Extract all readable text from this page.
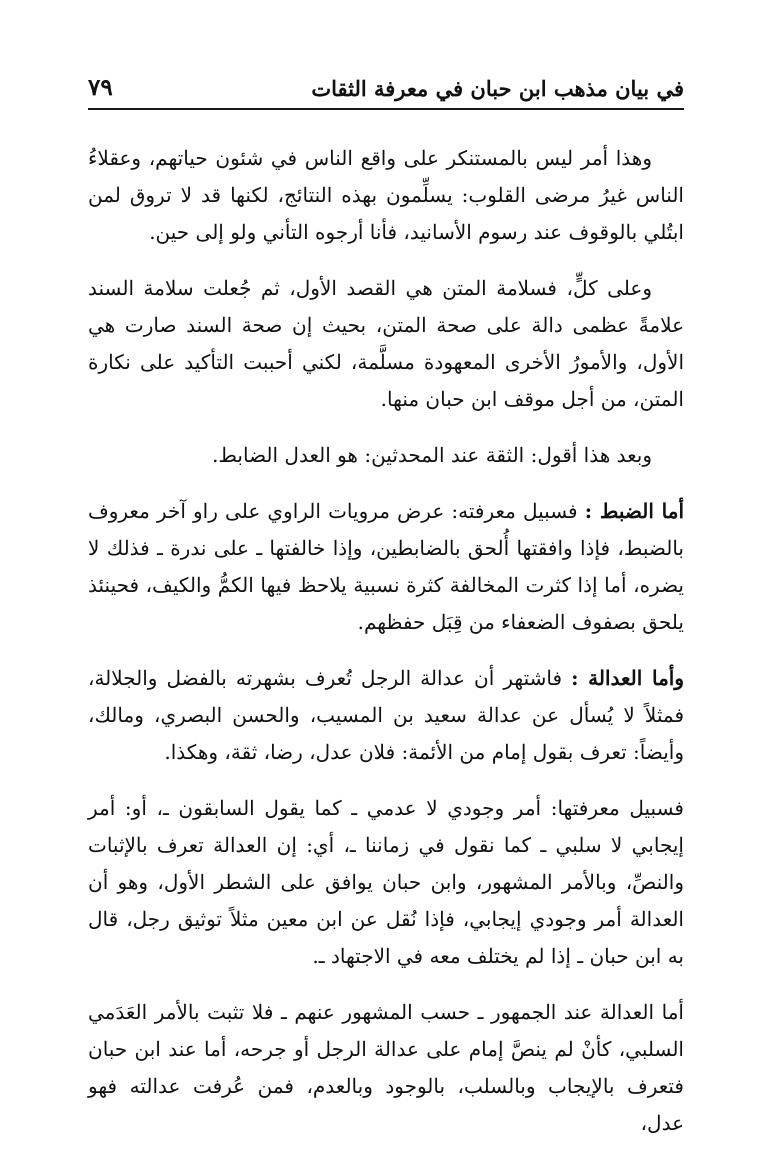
في بيان مذهب ابن حبان في معرفة الثقات
٧٩

وهذا أمر ليس بالمستنكر على واقع الناس في شئون حياتهم، وعقلاءُ الناس غيرُ مرضى القلوب: يسلِّمون بهذه النتائج، لكنها قد لا تروق لمن ابتُلي بالوقوف عند رسوم الأسانيد، فأنا أرجوه التأني ولو إلى حين.

وعلى كلٍّ، فسلامة المتن هي القصد الأول، ثم جُعلت سلامة السند علامةً عظمى دالة على صحة المتن، بحيث إن صحة السند صارت هي الأول، والأمورُ الأخرى المعهودة مسلَّمة، لكني أحببت التأكيد على نكارة المتن، من أجل موقف ابن حبان منها.

وبعد هذا أقول: الثقة عند المحدثين: هو العدل الضابط.

أما الضبط : فسبيل معرفته: عرض مرويات الراوي على راو آخر معروف بالضبط، فإذا وافقتها أُلحق بالضابطين، وإذا خالفتها ـ على ندرة ـ فذلك لا يضره، أما إذا كثرت المخالفة كثرة نسبية يلاحظ فيها الكمُّ والكيف، فحينئذ يلحق بصفوف الضعفاء من قِبَل حفظهم.

وأما العدالة : فاشتهر أن عدالة الرجل تُعرف بشهرته بالفضل والجلالة، فمثلاً لا يُسأل عن عدالة سعيد بن المسيب، والحسن البصري، ومالك، وأيضاً: تعرف بقول إمام من الأئمة: فلان عدل، رضا، ثقة، وهكذا.

فسبيل معرفتها: أمر وجودي لا عدمي ـ كما يقول السابقون ـ، أو: أمر إيجابي لا سلبي ـ كما نقول في زماننا ـ، أي: إن العدالة تعرف بالإثبات والنصِّ، وبالأمر المشهور، وابن حبان يوافق على الشطر الأول، وهو أن العدالة أمر وجودي إيجابي، فإذا نُقل عن ابن معين مثلاً توثيق رجل، قال به ابن حبان ـ إذا لم يختلف معه في الاجتهاد ـ.

أما العدالة عند الجمهور ـ حسب المشهور عنهم ـ فلا تثبت بالأمر العَدَمي السلبي، كأنْ لم ينصَّ إمام على عدالة الرجل أو جرحه، أما عند ابن حبان فتعرف بالإيجاب وبالسلب، بالوجود وبالعدم، فمن عُرفت عدالته فهو عدل،
